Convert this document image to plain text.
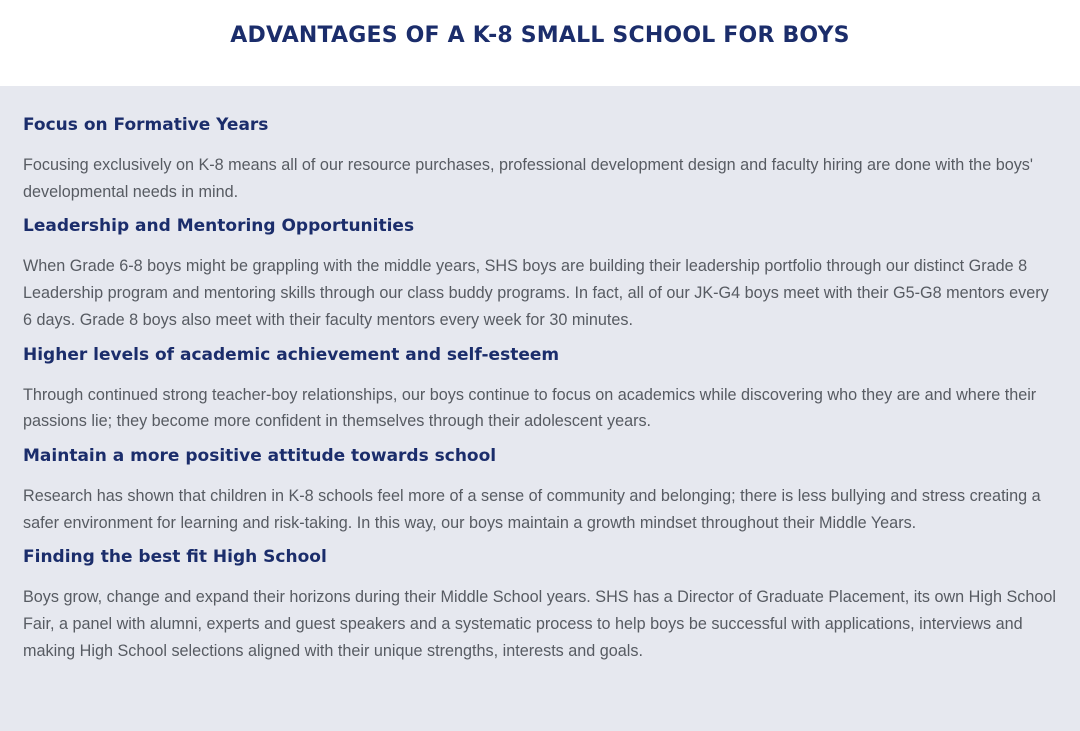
ADVANTAGES OF A K-8 SMALL SCHOOL FOR BOYS
Focus on Formative Years

Focusing exclusively on K-8 means all of our resource purchases, professional development design and faculty hiring are done with the boys' developmental needs in mind.

Leadership and Mentoring Opportunities

When Grade 6-8 boys might be grappling with the middle years, SHS boys are building their leadership portfolio through our distinct Grade 8 Leadership program and mentoring skills through our class buddy programs. In fact, all of our JK-G4 boys meet with their G5-G8 mentors every 6 days. Grade 8 boys also meet with their faculty mentors every week for 30 minutes.

Higher levels of academic achievement and self-esteem

Through continued strong teacher-boy relationships, our boys continue to focus on academics while discovering who they are and where their passions lie; they become more confident in themselves through their adolescent years.

Maintain a more positive attitude towards school

Research has shown that children in K-8 schools feel more of a sense of community and belonging; there is less bullying and stress creating a safer environment for learning and risk-taking. In this way, our boys maintain a growth mindset throughout their Middle Years.

Finding the best fit High School

Boys grow, change and expand their horizons during their Middle School years. SHS has a Director of Graduate Placement, its own High School Fair, a panel with alumni, experts and guest speakers and a systematic process to help boys be successful with applications, interviews and making High School selections aligned with their unique strengths, interests and goals.
